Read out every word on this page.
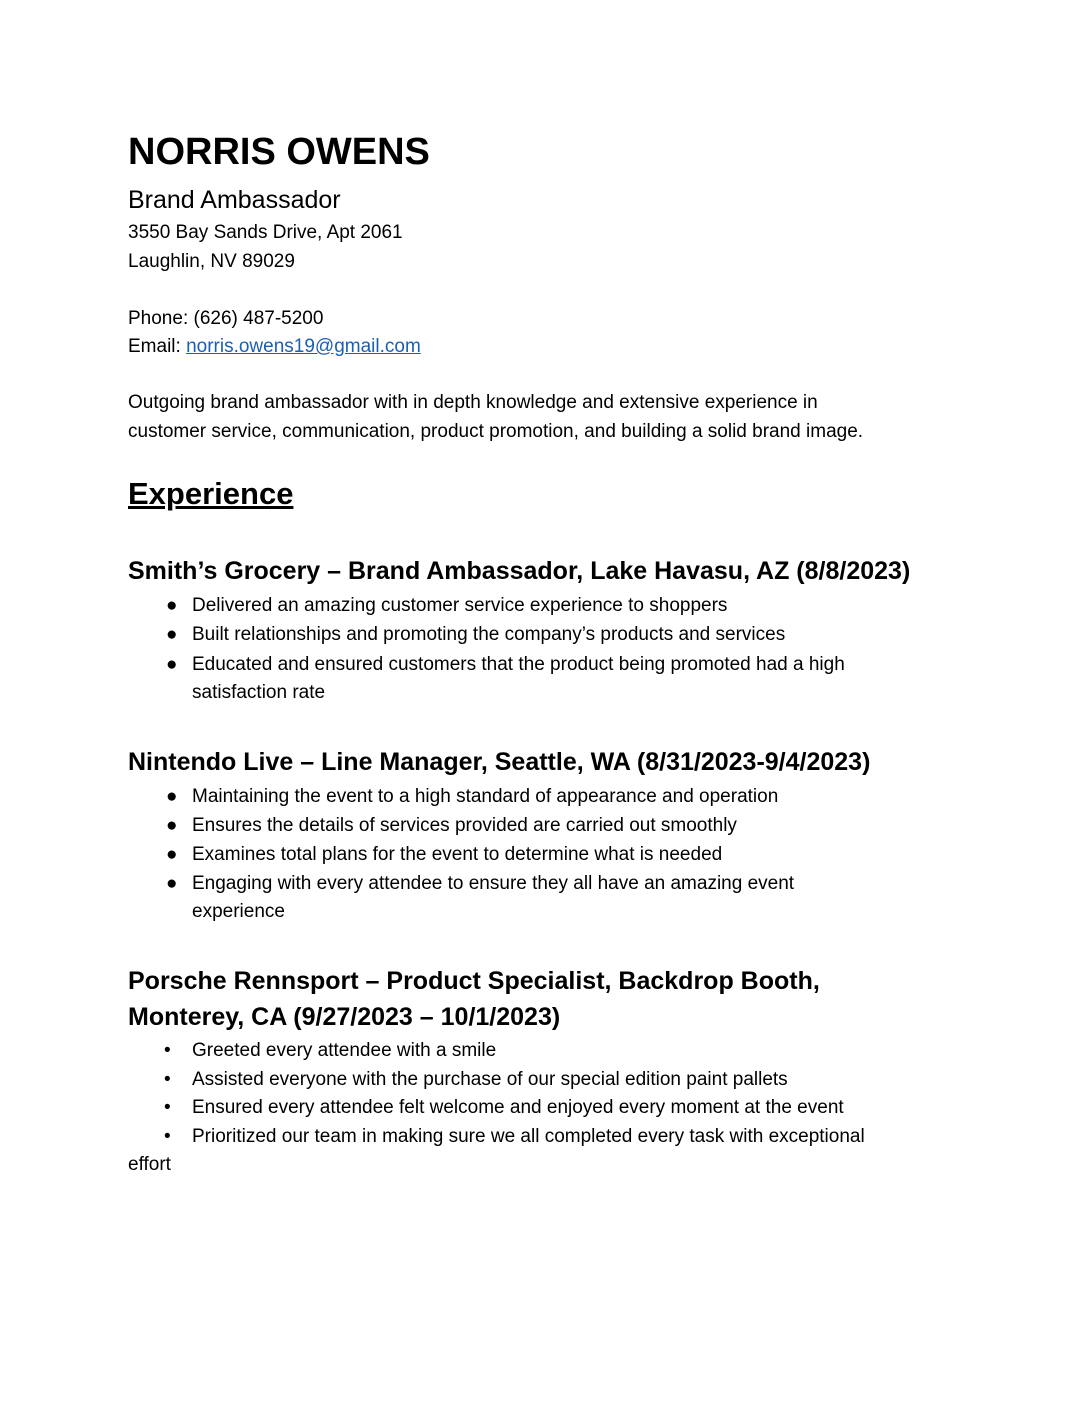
NORRIS OWENS
Brand Ambassador
3550 Bay Sands Drive, Apt 2061
Laughlin, NV 89029
Phone: (626) 487-5200
Email: norris.owens19@gmail.com
Outgoing brand ambassador with in depth knowledge and extensive experience in
customer service, communication, product promotion, and building a solid brand image.
Experience
Smith’s Grocery – Brand Ambassador, Lake Havasu, AZ (8/8/2023)
● Delivered an amazing customer service experience to shoppers
● Built relationships and promoting the company’s products and services
● Educated and ensured customers that the product being promoted had a high
satisfaction rate
Nintendo Live – Line Manager, Seattle, WA (8/31/2023-9/4/2023)
● Maintaining the event to a high standard of appearance and operation
● Ensures the details of services provided are carried out smoothly
● Examines total plans for the event to determine what is needed
● Engaging with every attendee to ensure they all have an amazing event
experience
Porsche Rennsport – Product Specialist, Backdrop Booth,
Monterey, CA (9/27/2023 – 10/1/2023)
• Greeted every attendee with a smile
• Assisted everyone with the purchase of our special edition paint pallets
• Ensured every attendee felt welcome and enjoyed every moment at the event
• Prioritized our team in making sure we all completed every task with exceptional
effort
